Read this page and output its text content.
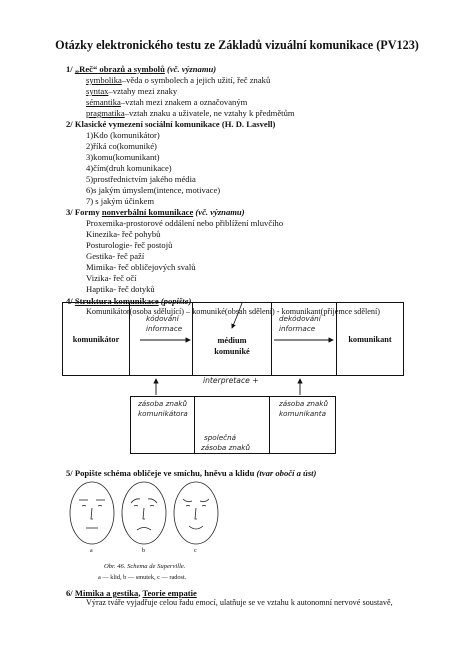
Otázky elektronického testu ze Základů vizuální komunikace (PV123)
1/ „Reč“ obrazů a symbolů (vč. významu)
symbolika–věda o symbolech a jejich užití, řeč znaků
syntax–vztahy mezi znaky
sémantika–vztah mezi znakem a označovaným
pragmatika–vztah znaku a uživatele, ne vztahy k předmětům
2/ Klasické vymezení sociální komunikace (H. D. Lasvell)
1)Kdo (komunikátor)
2)říká co(komuniké)
3)komu(komunikant)
4)čím(druh komunikace)
5)prostřednictvím jakého média
6)s jakým úmyslem(intence, motivace)
7) s jakým účinkem
3/ Formy nonverbální komunikace (vč. významu)
Proxemika-prostorové oddálení nebo přiblížení mluvčího
Kinezika- řeč pohybů
Posturologie- řeč postojů
Gestika- řeč paží
Mimika- řeč obličejových svalů
Vizika- řeč očí
Haptika- řeč dotyků
4/ Struktura komunikace (popište)
Komunikátor(osoba sdělující) – komuniké(obsah sdělení) - komunikant(příjemce sdělení)
komunikátor	komunikant
médium
komuniké
kódování
informace
dekódování
informace
zásoba znaků
komunikátora
zásoba znaků
komunikanta
společná
zásoba znaků
interpretace +
5/ Popište schéma obličeje ve smíchu, hněvu a klidu (tvar obočí a úst)
a	b	c
Obr. 46. Schema de Superville.
a — klid, b — smutek, c — radost.
6/ Mimika a gestika, Teorie empatie
Výraz tváře vyjadřuje celou řadu emocí, ulatňuje se ve vztahu k autonomní nervové soustavě,
